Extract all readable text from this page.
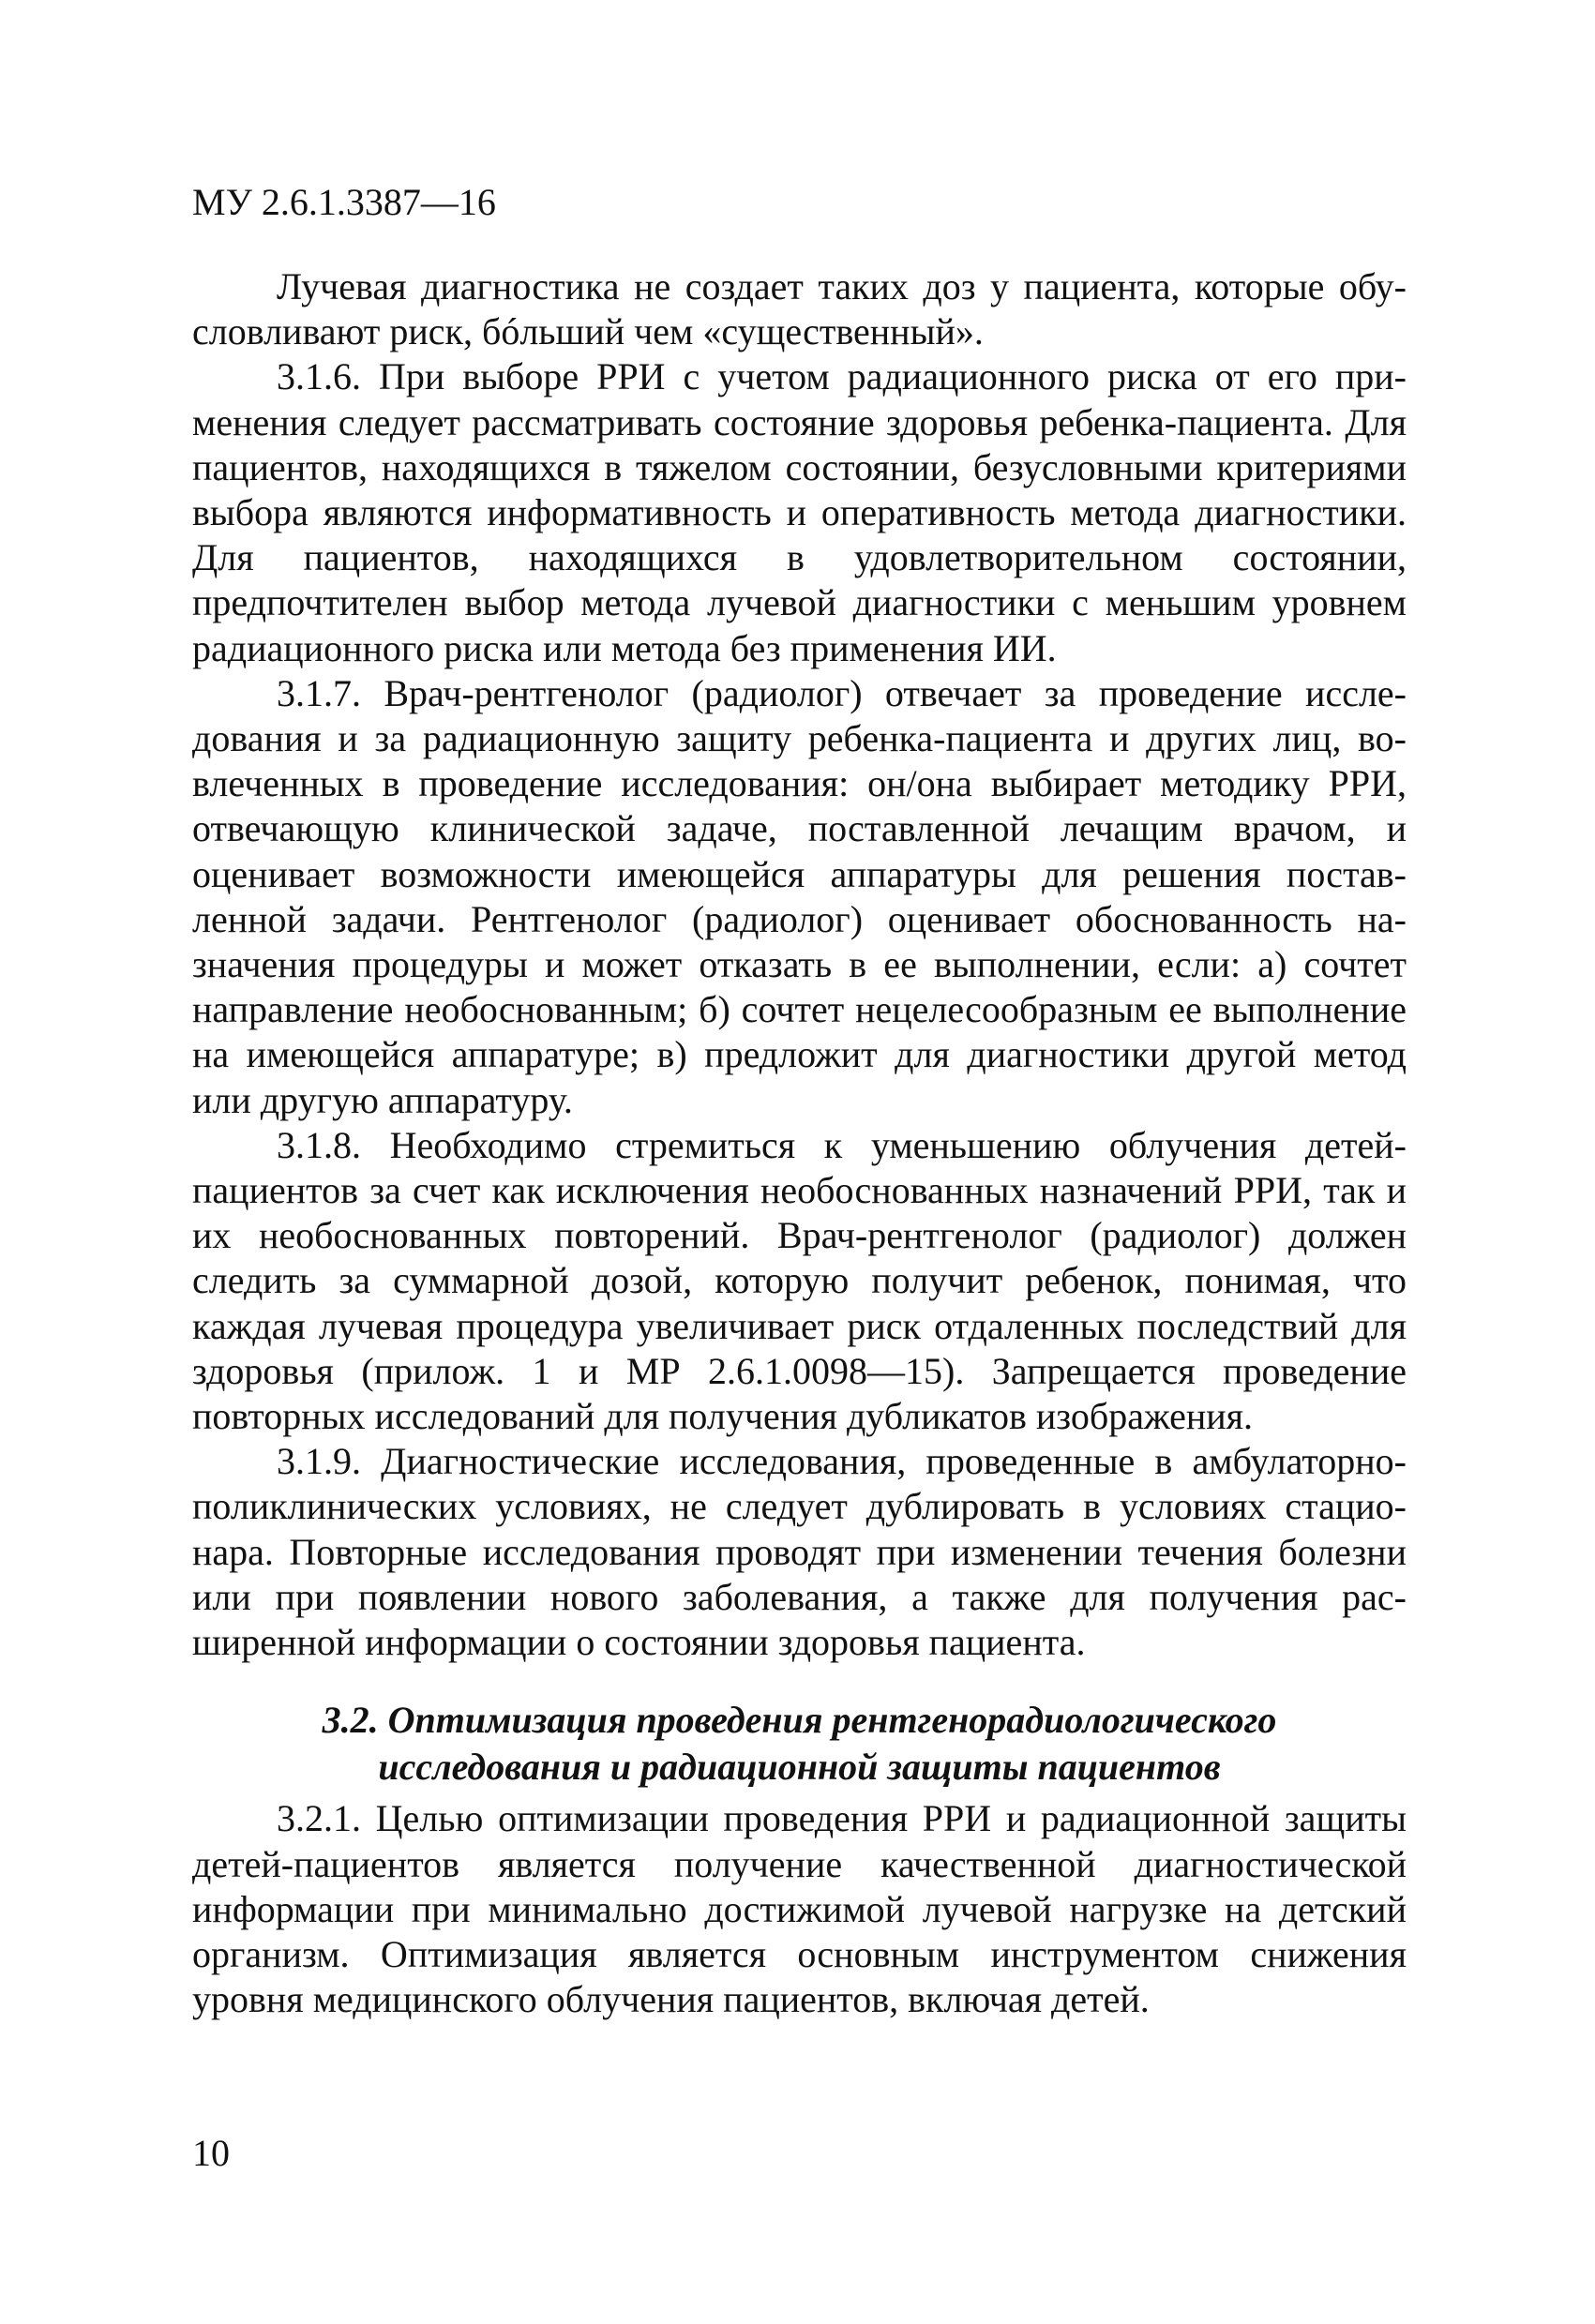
МУ 2.6.1.3387—16

Лучевая диагностика не создает таких доз у пациента, которые обусловливают риск, бóльший чем «существенный».

3.1.6. При выборе РРИ с учетом радиационного риска от его применения следует рассматривать состояние здоровья ребенка-пациента. Для пациентов, находящихся в тяжелом состоянии, безусловными критериями выбора являются информативность и оперативность метода диагностики. Для пациентов, находящихся в удовлетворительном состоянии, предпочтителен выбор метода лучевой диагностики с меньшим уровнем радиационного риска или метода без применения ИИ.

3.1.7. Врач-рентгенолог (радиолог) отвечает за проведение исследования и за радиационную защиту ребенка-пациента и других лиц, вовлеченных в проведение исследования: он/она выбирает методику РРИ, отвечающую клинической задаче, поставленной лечащим врачом, и оценивает возможности имеющейся аппаратуры для решения поставленной задачи. Рентгенолог (радиолог) оценивает обоснованность назначения процедуры и может отказать в ее выполнении, если: а) сочтет направление необоснованным; б) сочтет нецелесообразным ее выполнение на имеющейся аппаратуре; в) предложит для диагностики другой метод или другую аппаратуру.

3.1.8. Необходимо стремиться к уменьшению облучения детей-пациентов за счет как исключения необоснованных назначений РРИ, так и их необоснованных повторений. Врач-рентгенолог (радиолог) должен следить за суммарной дозой, которую получит ребенок, понимая, что каждая лучевая процедура увеличивает риск отдаленных последствий для здоровья (прилож. 1 и МР 2.6.1.0098—15). Запрещается проведение повторных исследований для получения дубликатов изображения.

3.1.9. Диагностические исследования, проведенные в амбулаторно-поликлинических условиях, не следует дублировать в условиях стационара. Повторные исследования проводят при изменении течения болезни или при появлении нового заболевания, а также для получения расширенной информации о состоянии здоровья пациента.

3.2. Оптимизация проведения рентгенорадиологического
исследования и радиационной защиты пациентов

3.2.1. Целью оптимизации проведения РРИ и радиационной защиты детей-пациентов является получение качественной диагностической информации при минимально достижимой лучевой нагрузке на детский организм. Оптимизация является основным инструментом снижения уровня медицинского облучения пациентов, включая детей.

10
